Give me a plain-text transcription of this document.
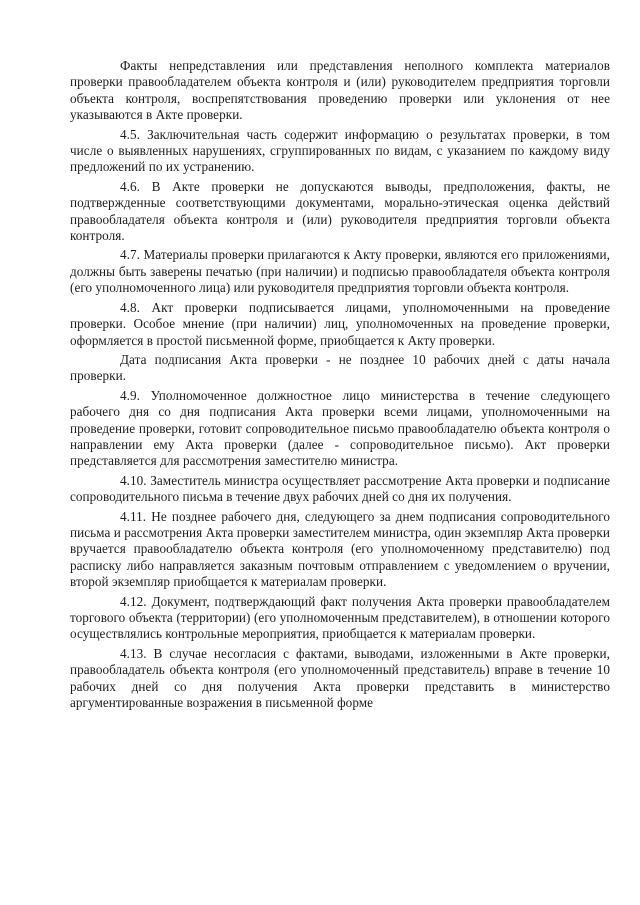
Факты непредставления или представления неполного комплекта материалов проверки правообладателем объекта контроля и (или) руководителем предприятия торговли объекта контроля, воспрепятствования проведению проверки или уклонения от нее указываются в Акте проверки.

4.5. Заключительная часть содержит информацию о результатах проверки, в том числе о выявленных нарушениях, сгруппированных по видам, с указанием по каждому виду предложений по их устранению.

4.6. В Акте проверки не допускаются выводы, предположения, факты, не подтвержденные соответствующими документами, морально-этическая оценка действий правообладателя объекта контроля и (или) руководителя предприятия торговли объекта контроля.

4.7. Материалы проверки прилагаются к Акту проверки, являются его приложениями, должны быть заверены печатью (при наличии) и подписью правообладателя объекта контроля (его уполномоченного лица) или руководителя предприятия торговли объекта контроля.

4.8. Акт проверки подписывается лицами, уполномоченными на проведение проверки. Особое мнение (при наличии) лиц, уполномоченных на проведение проверки, оформляется в простой письменной форме, приобщается к Акту проверки.

Дата подписания Акта проверки - не позднее 10 рабочих дней с даты начала проверки.

4.9. Уполномоченное должностное лицо министерства в течение следующего рабочего дня со дня подписания Акта проверки всеми лицами, уполномоченными на проведение проверки, готовит сопроводительное письмо правообладателю объекта контроля о направлении ему Акта проверки (далее - сопроводительное письмо). Акт проверки представляется для рассмотрения заместителю министра.

4.10. Заместитель министра осуществляет рассмотрение Акта проверки и подписание сопроводительного письма в течение двух рабочих дней со дня их получения.

4.11. Не позднее рабочего дня, следующего за днем подписания сопроводительного письма и рассмотрения Акта проверки заместителем министра, один экземпляр Акта проверки вручается правообладателю объекта контроля (его уполномоченному представителю) под расписку либо направляется заказным почтовым отправлением с уведомлением о вручении, второй экземпляр приобщается к материалам проверки.

4.12. Документ, подтверждающий факт получения Акта проверки правообладателем торгового объекта (территории) (его уполномоченным представителем), в отношении которого осуществлялись контрольные мероприятия, приобщается к материалам проверки.

4.13. В случае несогласия с фактами, выводами, изложенными в Акте проверки, правообладатель объекта контроля (его уполномоченный представитель) вправе в течение 10 рабочих дней со дня получения Акта проверки представить в министерство аргументированные возражения в письменной форме
